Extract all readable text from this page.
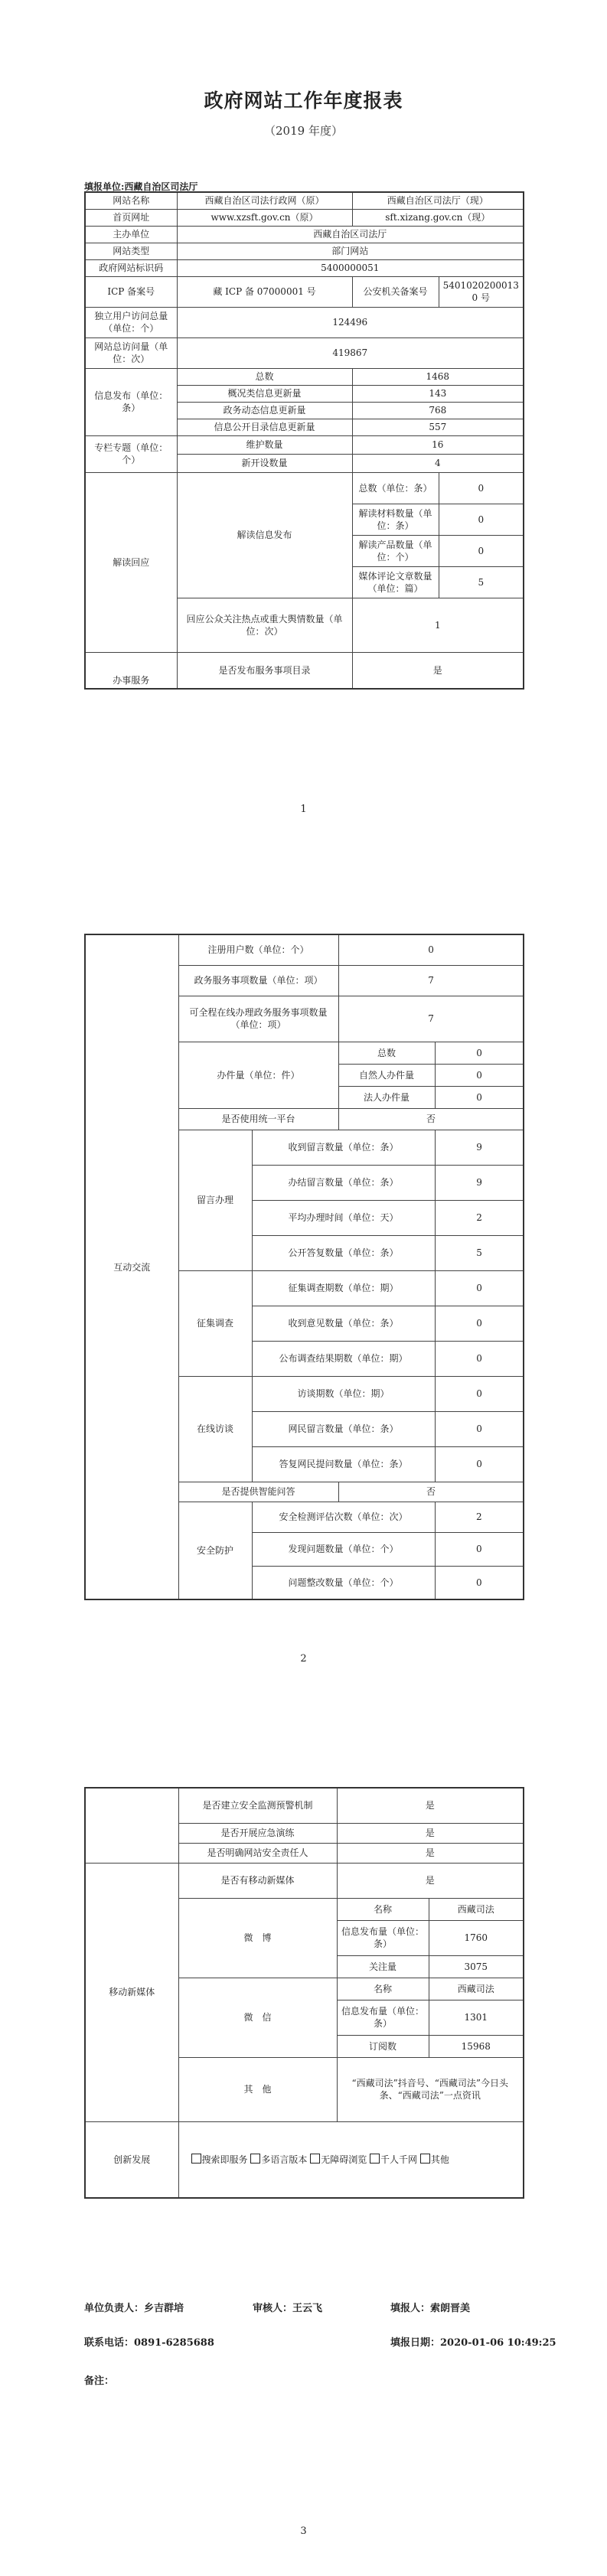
政府网站工作年度报表
（2019 年度）
填报单位:西藏自治区司法厅
网站名称	西藏自治区司法行政网（原）	西藏自治区司法厅（现）	
首页网址	www.xzsft.gov.cn（原）	sft.xizang.gov.cn（现）	
主办单位	西藏自治区司法厅		
网站类型	部门网站		
政府网站标识码	5400000051		
ICP 备案号	藏 ICP 备 07000001 号	公安机关备案号	54010202000130 号
独立用户访问总量（单位：个）	124496		
网站总访问量（单位：次）	419867		
信息发布（单位：条）	总数	1468	
	概况类信息更新量	143	
	政务动态信息更新量	768	
	信息公开目录信息更新量	557	
专栏专题（单位：个）	维护数量	16	
	新开设数量	4	
解读回应	解读信息发布	总数（单位：条）	0
		解读材料数量（单位：条）	0
		解读产品数量（单位：个）	0
		媒体评论文章数量（单位：篇）	5
	回应公众关注热点或重大舆情数量（单位：次）	1	
办事服务	是否发布服务事项目录	是	
1
互动交流	注册用户数（单位：个）		0	
	政务服务事项数量（单位：项）		7	
	可全程在线办理政务服务事项数量（单位：项）		7	
	办件量（单位：件）		总数	0
			自然人办件量	0
			法人办件量	0
	是否使用统一平台		否	
	留言办理	收到留言数量（单位：条）		9
		办结留言数量（单位：条）		9
		平均办理时间（单位：天）		2
		公开答复数量（单位：条）		5
	征集调查	征集调查期数（单位：期）		0
		收到意见数量（单位：条）		0
		公布调查结果期数（单位：期）		0
	在线访谈	访谈期数（单位：期）		0
		网民留言数量（单位：条）		0
		答复网民提问数量（单位：条）		0
	是否提供智能问答		否	
	安全防护	安全检测评估次数（单位：次）		2
		发现问题数量（单位：个）		0
		问题整改数量（单位：个）		0
2
	是否建立安全监测预警机制	是	
	是否开展应急演练	是	
	是否明确网站安全责任人	是	
移动新媒体	是否有移动新媒体	是	
	微　博	名称	西藏司法
		信息发布量（单位：条）	1760
		关注量	3075
	微　信	名称	西藏司法
		信息发布量（单位：条）	1301
		订阅数	15968
	其　他	“西藏司法”抖音号、“西藏司法”今日头条、“西藏司法”一点资讯	
创新发展	搜索即服务 多语言版本 无障碍浏览 千人千网 其他		
单位负责人：乡吉群培	审核人：王云飞	填报人：索朗晋美
联系电话：0891-6285688	填报日期：2020-01-06 10:49:25
备注：
3
